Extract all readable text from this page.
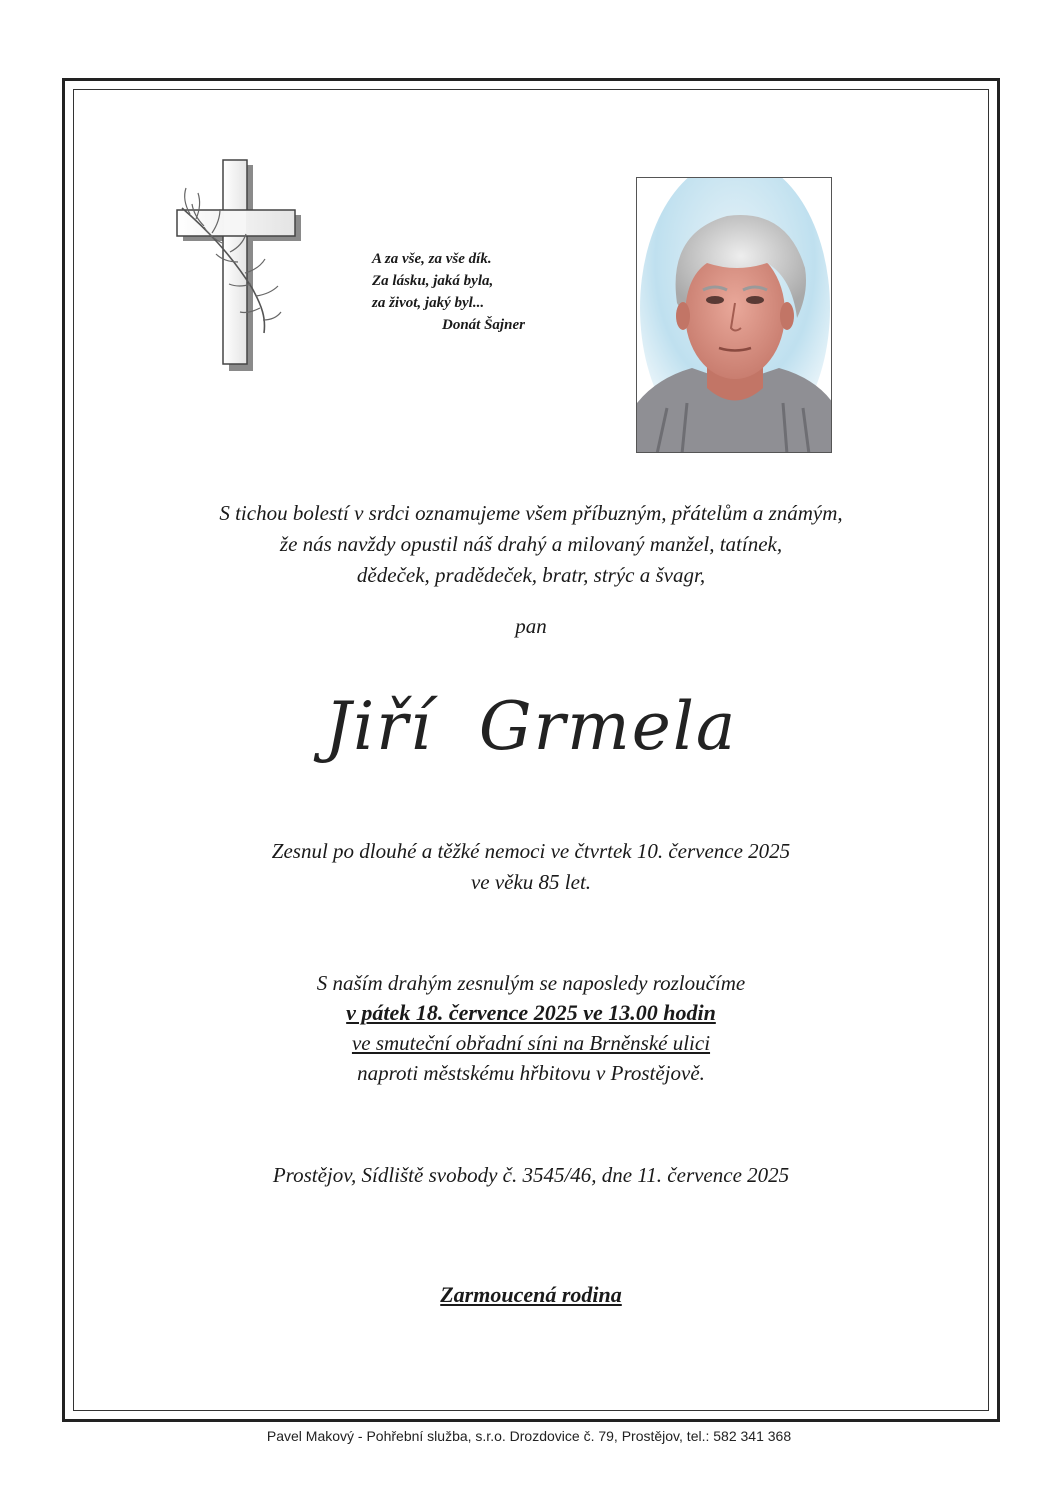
A za vše, za vše dík.
Za lásku, jaká byla,
za život, jaký byl...
Donát Šajner
S tichou bolestí v srdci oznamujeme všem příbuzným, přátelům a známým,
že nás navždy opustil náš drahý a milovaný manžel, tatínek,
dědeček, pradědeček, bratr, strýc a švagr,
pan
Jiří  Grmela
Zesnul po dlouhé a těžké nemoci ve čtvrtek 10. července 2025
ve věku 85 let.
S naším drahým zesnulým se naposledy rozloučíme
v pátek 18. července 2025 ve 13.00 hodin
ve smuteční obřadní síni na Brněnské ulici
naproti městskému hřbitovu v Prostějově.
Prostějov, Sídliště svobody č. 3545/46, dne 11. července 2025
Zarmoucená rodina
Pavel Makový - Pohřební služba, s.r.o. Drozdovice č. 79, Prostějov, tel.: 582 341 368
